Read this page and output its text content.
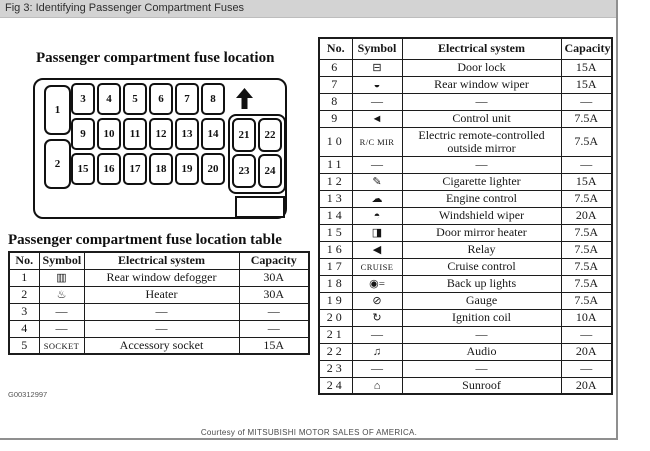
Fig 3: Identifying Passenger Compartment Fuses
Passenger compartment fuse location
1
2
3	4	5	6	7	8
9	10	11	12	13	14
15	16	17	18	19	20
21	22
23	24
Passenger compartment fuse location table
No.	Symbol	Electrical system	Capacity
1	▥	Rear window defogger	30A
2	♨	Heater	30A
3	—	—	—
4	—	—	—
5	SOCKET	Accessory socket	15A
No.	Symbol	Electrical system	Capacity
6	⊟	Door lock	15A
7	◒	Rear window wiper	15A
8	—	—	—
9	◄	Control unit	7.5A
10	R/C MIR	Electric remote-controlled outside mirror	7.5A
11	—	—	—
12	✎	Cigarette lighter	15A
13	☁	Engine control	7.5A
14	◓	Windshield wiper	20A
15	◨	Door mirror heater	7.5A
16	◀	Relay	7.5A
17	CRUISE	Cruise control	7.5A
18	◉=	Back up lights	7.5A
19	⊘	Gauge	7.5A
20	↻	Ignition coil	10A
21	—	—	—
22	♫	Audio	20A
23	—	—	—
24	⌂	Sunroof	20A
G00312997
Courtesy of MITSUBISHI MOTOR SALES OF AMERICA.
